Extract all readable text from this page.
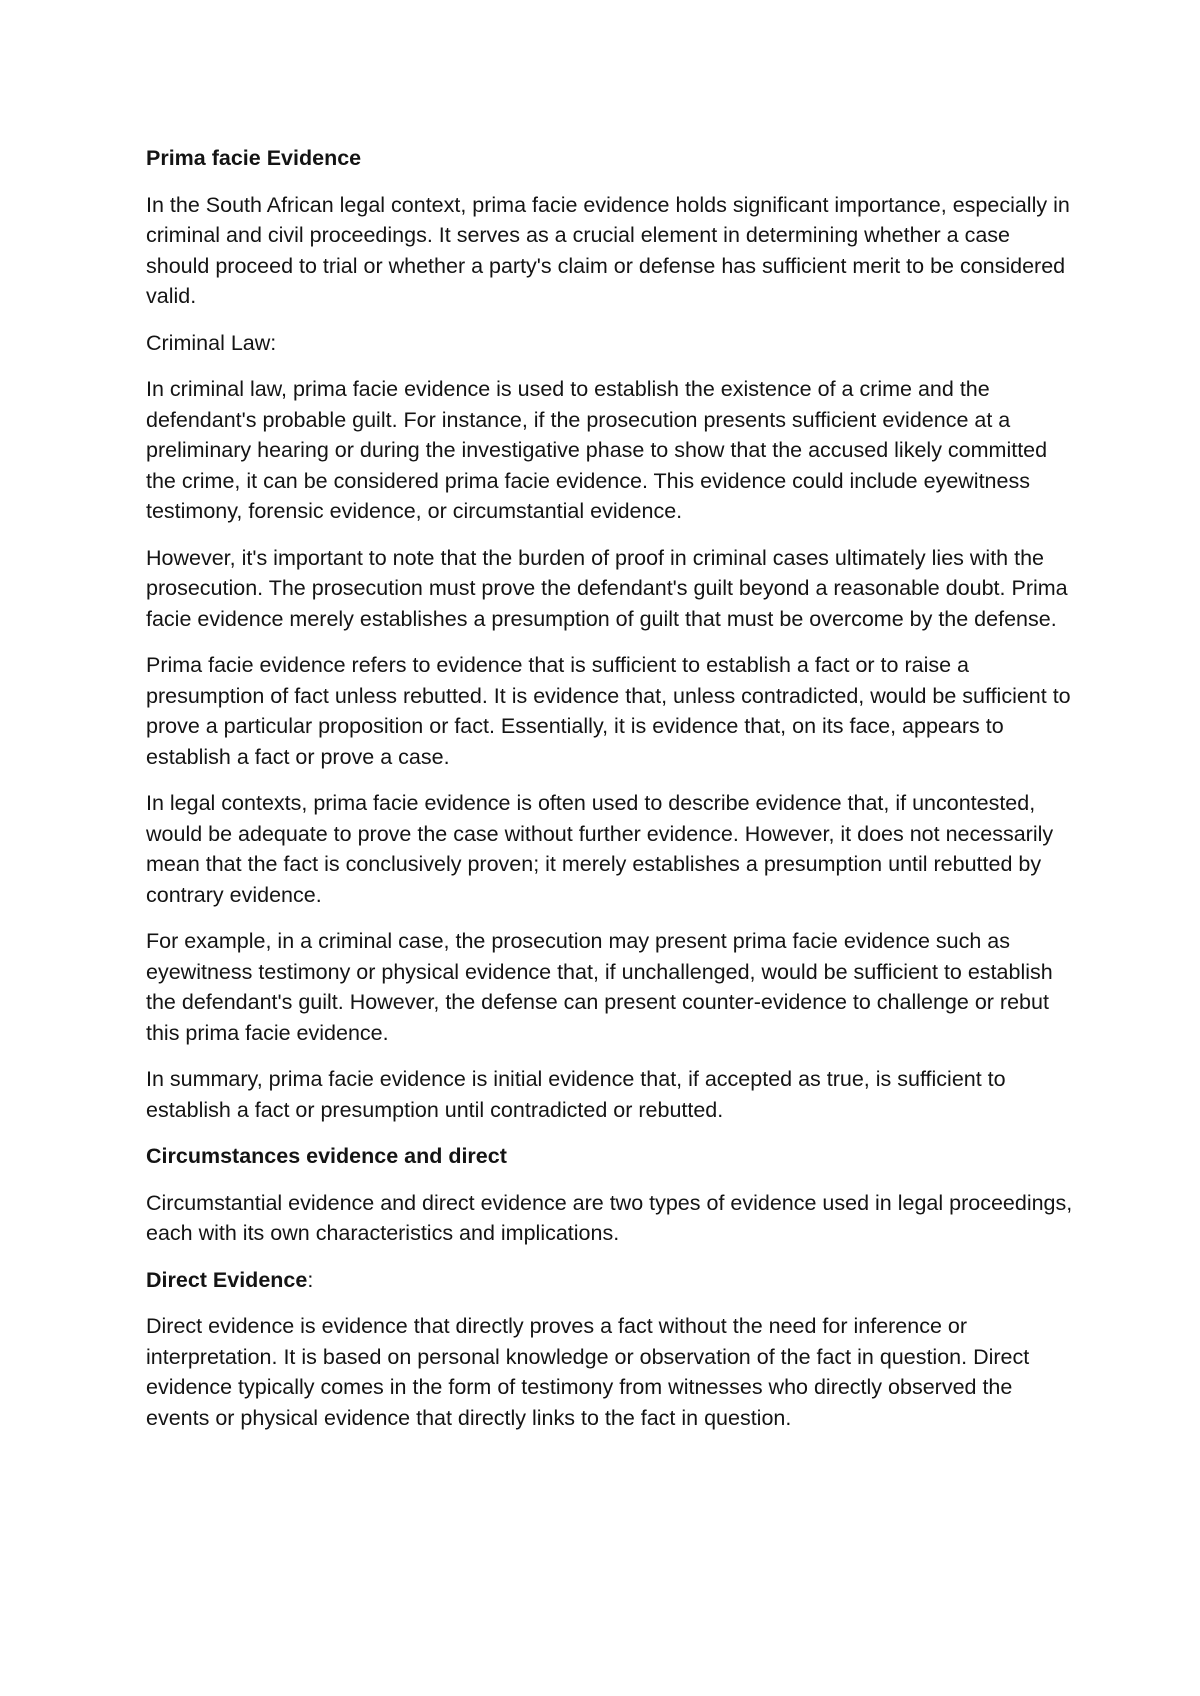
Prima facie Evidence

In the South African legal context, prima facie evidence holds significant importance, especially in criminal and civil proceedings. It serves as a crucial element in determining whether a case should proceed to trial or whether a party's claim or defense has sufficient merit to be considered valid.

Criminal Law:

In criminal law, prima facie evidence is used to establish the existence of a crime and the defendant's probable guilt. For instance, if the prosecution presents sufficient evidence at a preliminary hearing or during the investigative phase to show that the accused likely committed the crime, it can be considered prima facie evidence. This evidence could include eyewitness testimony, forensic evidence, or circumstantial evidence.

However, it's important to note that the burden of proof in criminal cases ultimately lies with the prosecution. The prosecution must prove the defendant's guilt beyond a reasonable doubt. Prima facie evidence merely establishes a presumption of guilt that must be overcome by the defense.

Prima facie evidence refers to evidence that is sufficient to establish a fact or to raise a presumption of fact unless rebutted. It is evidence that, unless contradicted, would be sufficient to prove a particular proposition or fact. Essentially, it is evidence that, on its face, appears to establish a fact or prove a case.

In legal contexts, prima facie evidence is often used to describe evidence that, if uncontested, would be adequate to prove the case without further evidence. However, it does not necessarily mean that the fact is conclusively proven; it merely establishes a presumption until rebutted by contrary evidence.

For example, in a criminal case, the prosecution may present prima facie evidence such as eyewitness testimony or physical evidence that, if unchallenged, would be sufficient to establish the defendant's guilt. However, the defense can present counter-evidence to challenge or rebut this prima facie evidence.

In summary, prima facie evidence is initial evidence that, if accepted as true, is sufficient to establish a fact or presumption until contradicted or rebutted.

Circumstances evidence and direct

Circumstantial evidence and direct evidence are two types of evidence used in legal proceedings, each with its own characteristics and implications.

Direct Evidence:

Direct evidence is evidence that directly proves a fact without the need for inference or interpretation. It is based on personal knowledge or observation of the fact in question. Direct evidence typically comes in the form of testimony from witnesses who directly observed the events or physical evidence that directly links to the fact in question.
